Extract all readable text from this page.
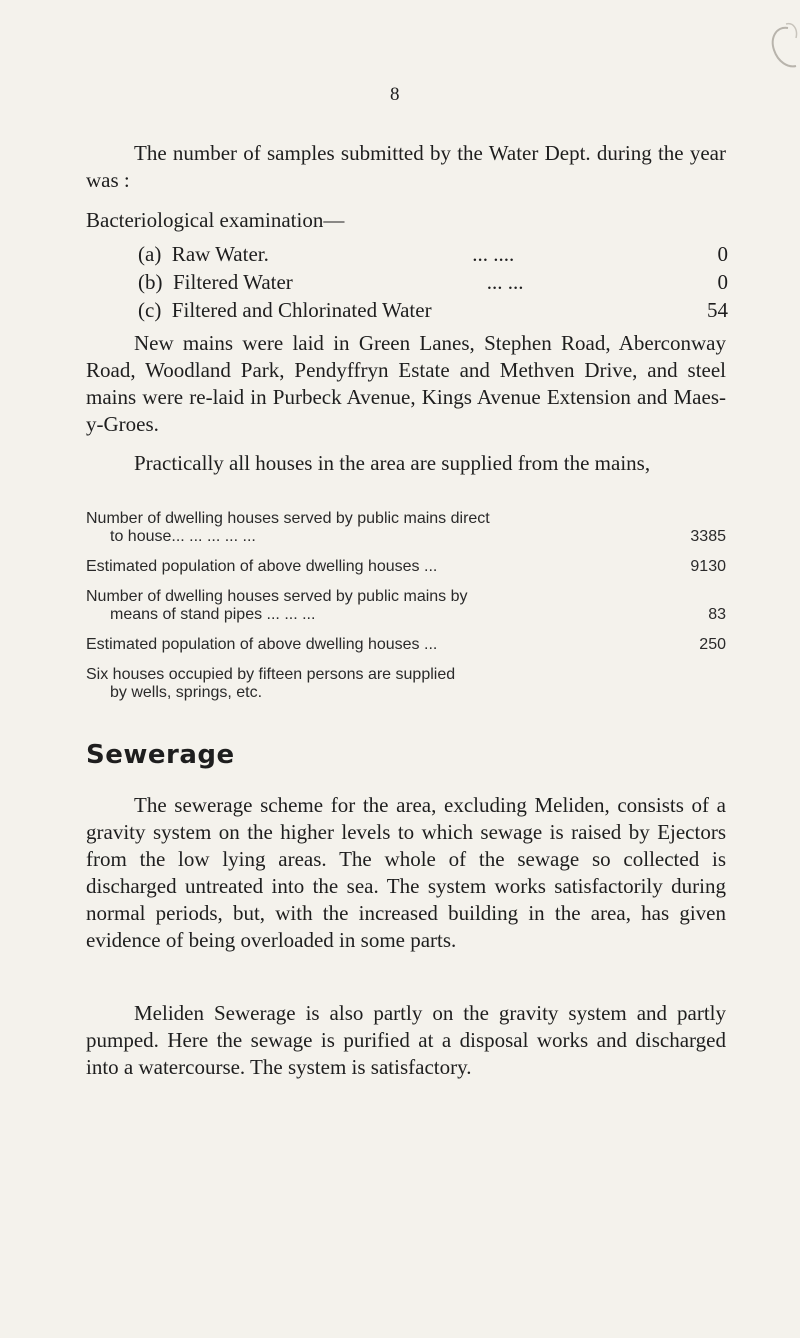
8
The number of samples submitted by the Water Dept. during the year was :
Bacteriological examination—
(a)  Raw Water.	... ....	0
(b)  Filtered Water	... ...	0
(c)  Filtered and Chlorinated Water	54
New mains were laid in Green Lanes, Stephen Road, Aberconway Road, Woodland Park, Pendyffryn Estate and Methven Drive, and steel mains were re-laid in Purbeck Avenue, Kings Avenue Extension and Maes-y-Groes.
Practically all houses in the area are supplied from the mains,
Number of dwelling houses served by public mains direct
to house... ... ... ... ...	3385
Estimated population of above dwelling houses ...	9130
Number of dwelling houses served by public mains by
means of stand pipes ... ... ...	83
Estimated population of above dwelling houses ...	250
Six houses occupied by fifteen persons are supplied
by wells, springs, etc.
Sewerage
The sewerage scheme for the area, excluding Meliden, consists of a gravity system on the higher levels to which sewage is raised by Ejectors from the low lying areas. The whole of the sewage so collected is discharged untreated into the sea. The system works satisfactorily during normal periods, but, with the increased building in the area, has given evidence of being overloaded in some parts.
Meliden Sewerage is also partly on the gravity system and partly pumped. Here the sewage is purified at a disposal works and discharged into a watercourse. The system is satisfactory.
